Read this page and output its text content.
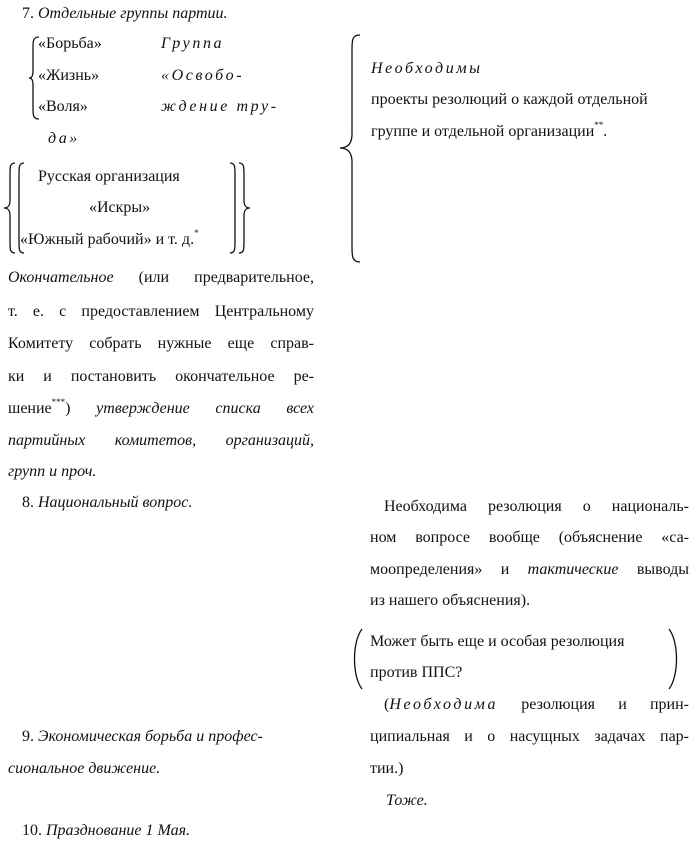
7. Отдельные группы партии.
«Борьба»
«Жизнь»
«Воля»
Группа
«Освобо-
ждение тру-
да»
Русская организация
«Искры»
«Южный рабочий» и т. д.*
Необходимы
проекты резолюций о каждой отдельной
группе и отдельной организации**.
Окончательное (или предварительное,
т. е. с предоставлением Центральному
Комитету собрать нужные еще справ-
ки и постановить окончательное ре-
шение***) утверждение списка всех
партийных комитетов, организаций,
групп и проч.
8. Национальный вопрос.	Необходима резолюция о националь-
ном вопросе вообще (объяснение «са-
моопределения» и тактические выводы
из нашего объяснения).
Может быть еще и особая резолюция
против ППС?
(Необходима резолюция и прин-
ципиальная и о насущных задачах пар-
тии.)
Тоже.
9. Экономическая борьба и профес-
сиональное движение.
10. Празднование 1 Мая.
